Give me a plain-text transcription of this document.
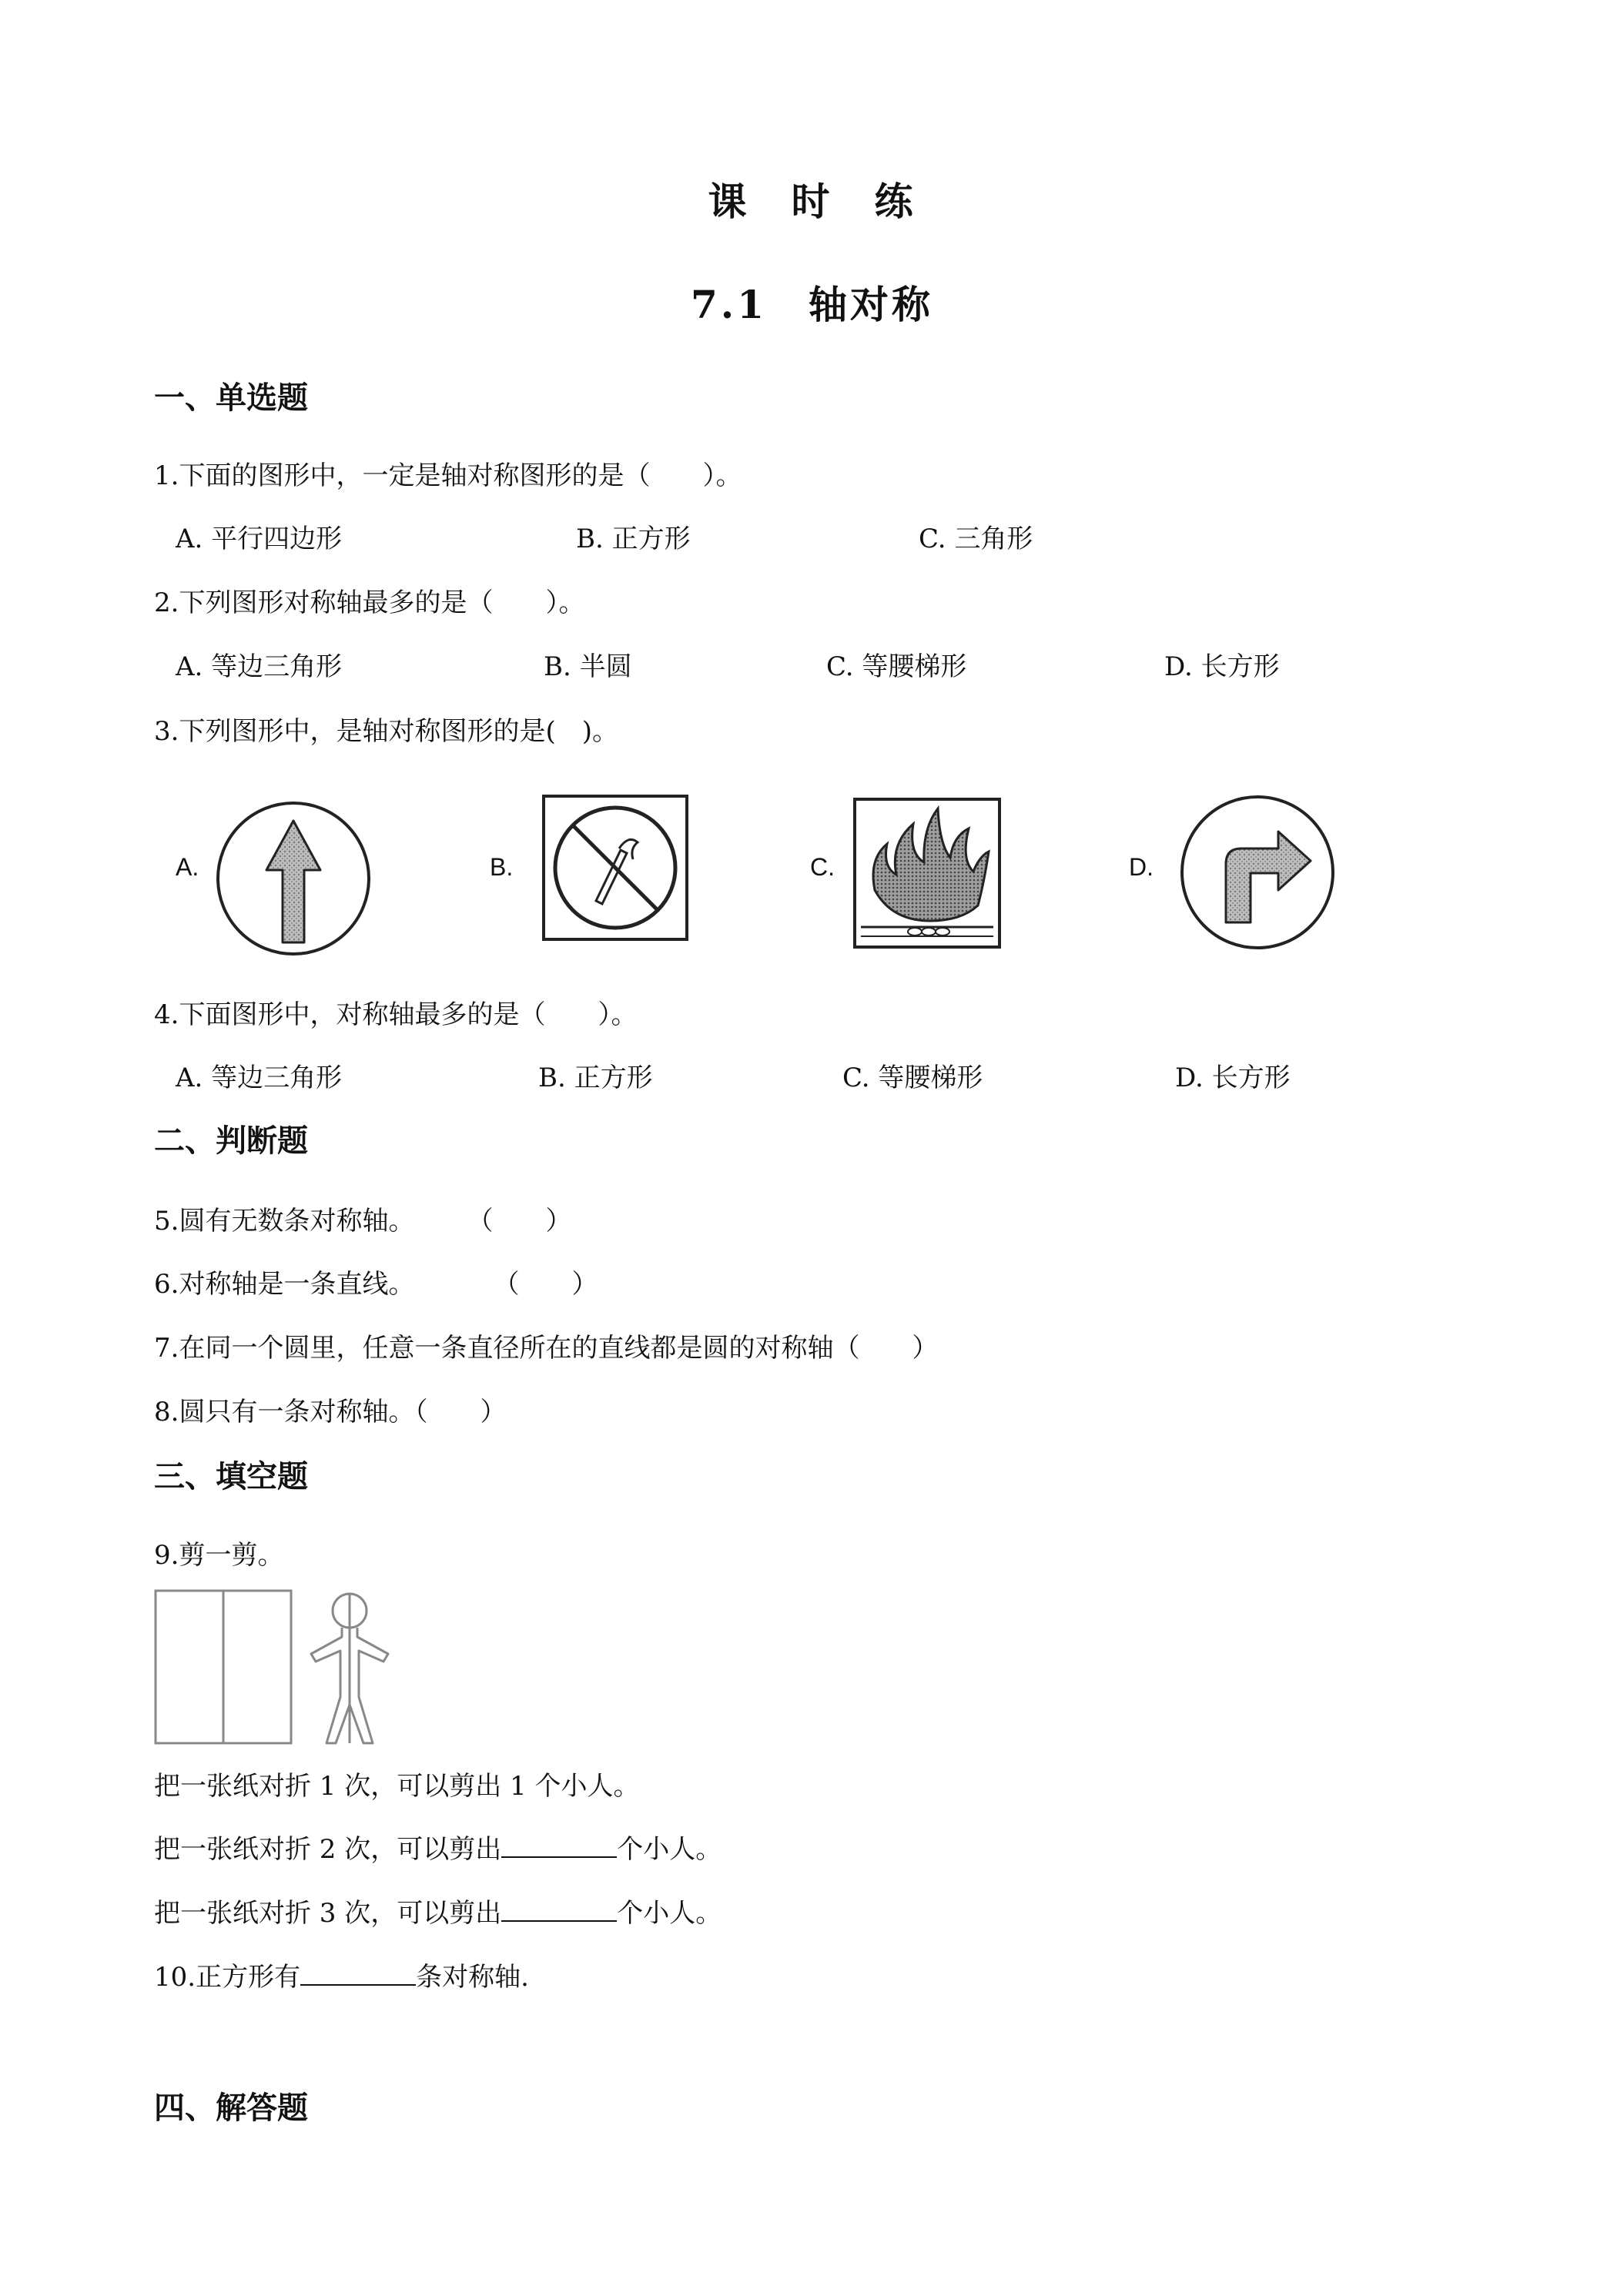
课　时　练
7.1　轴对称
一、单选题
1.下面的图形中，一定是轴对称图形的是（　　）。
A. 平行四边形	B. 正方形	C. 三角形
2.下列图形对称轴最多的是（　　）。
A. 等边三角形	B. 半圆	C. 等腰梯形	D. 长方形
3.下列图形中，是轴对称图形的是(　)。
A.	B.	C.	D.
4.下面图形中，对称轴最多的是（　　）。
A. 等边三角形	B. 正方形	C. 等腰梯形	D. 长方形
二、判断题
5.圆有无数条对称轴。　　　（　　）
6.对称轴是一条直线。　　　　（　　）
7.在同一个圆里，任意一条直径所在的直线都是圆的对称轴（　　）
8.圆只有一条对称轴。（　　）
三、填空题
9.剪一剪。
把一张纸对折 1 次，可以剪出 1 个小人。
把一张纸对折 2 次，可以剪出	个小人。
把一张纸对折 3 次，可以剪出	个小人。
10.正方形有	条对称轴.
四、解答题
